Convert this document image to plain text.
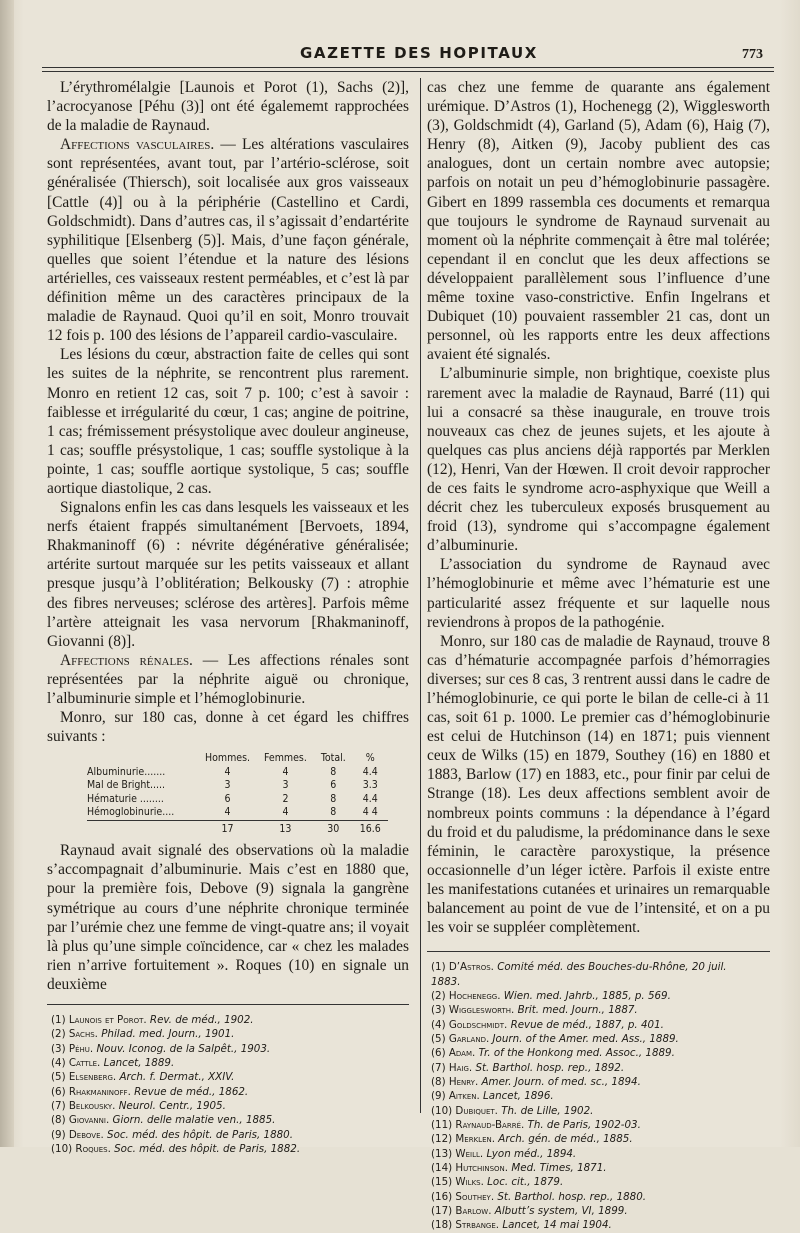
GAZETTE DES HOPITAUX	773

L’érythromélalgie [Launois et Porot (1), Sachs (2)], l’acrocyanose [Péhu (3)] ont été égalememt rapprochées de la maladie de Raynaud.

Affections vasculaires. — Les altérations vasculaires sont représentées, avant tout, par l’artério-sclérose, soit généralisée (Thiersch), soit localisée aux gros vaisseaux [Cattle (4)] ou à la périphérie (Castellino et Cardi, Goldschmidt). Dans d’autres cas, il s’agissait d’endartérite syphilitique [Elsenberg (5)]. Mais, d’une façon générale, quelles que soient l’étendue et la nature des lésions artérielles, ces vaisseaux restent perméables, et c’est là par définition même un des caractères principaux de la maladie de Raynaud. Quoi qu’il en soit, Monro trouvait 12 fois p. 100 des lésions de l’appareil cardio-vasculaire.

Les lésions du cœur, abstraction faite de celles qui sont les suites de la néphrite, se rencontrent plus rarement. Monro en retient 12 cas, soit 7 p. 100; c’est à savoir : faiblesse et irrégularité du cœur, 1 cas; angine de poitrine, 1 cas; frémissement présystolique avec douleur angineuse, 1 cas; souffle présystolique, 1 cas; souffle systolique à la pointe, 1 cas; souffle aortique systolique, 5 cas; souffle aortique diastolique, 2 cas.

Signalons enfin les cas dans lesquels les vaisseaux et les nerfs étaient frappés simultanément [Bervoets, 1894, Rhakmaninoff (6) : névrite dégénérative généralisée; artérite surtout marquée sur les petits vaisseaux et allant presque jusqu’à l’oblitération; Belkousky (7) : atrophie des fibres nerveuses; sclérose des artères]. Parfois même l’artère atteignait les vasa nervorum [Rhakmaninoff, Giovanni (8)].

Affections rénales. — Les affections rénales sont représentées par la néphrite aiguë ou chronique, l’albuminurie simple et l’hémoglobinurie.

Monro, sur 180 cas, donne à cet égard les chiffres suivants :

	Hommes.	Femmes.	Total.	%
Albuminurie.......	4	4	8	4.4
Mal de Bright.....	3	3	6	3.3
Hématurie ........	6	2	8	4.4
Hémoglobinurie....	4	4	8	4 4
	17	13	30	16.6

Raynaud avait signalé des observations où la maladie s’accompagnait d’albuminurie. Mais c’est en 1880 que, pour la première fois, Debove (9) signala la gangrène symétrique au cours d’une néphrite chronique terminée par l’urémie chez une femme de vingt-quatre ans; il voyait là plus qu’une simple coïncidence, car « chez les malades rien n’arrive fortuitement ». Roques (10) en signale un deuxième

(1) Launois et Porot. Rev. de méd., 1902.
(2) Sachs. Philad. med. Journ., 1901.
(3) Péhu. Nouv. Iconog. de la Salpêt., 1903.
(4) Cattle. Lancet, 1889.
(5) Elsenberg. Arch. f. Dermat., XXIV.
(6) Rhakmaninoff. Revue de méd., 1862.
(7) Belkousky. Neurol. Centr., 1905.
(8) Giovanni. Giorn. delle malatie ven., 1885.
(9) Debove. Soc. méd. des hôpit. de Paris, 1880.
(10) Roques. Soc. méd. des hôpit. de Paris, 1882.

cas chez une femme de quarante ans également urémique. D’Astros (1), Hochenegg (2), Wigglesworth (3), Goldschmidt (4), Garland (5), Adam (6), Haig (7), Henry (8), Aitken (9), Jacoby publient des cas analogues, dont un certain nombre avec autopsie; parfois on notait un peu d’hémoglobinurie passagère. Gibert en 1899 rassembla ces documents et remarqua que toujours le syndrome de Raynaud survenait au moment où la néphrite commençait à être mal tolérée; cependant il en conclut que les deux affections se développaient parallèlement sous l’influence d’une même toxine vaso-constrictive. Enfin Ingelrans et Dubiquet (10) pouvaient rassembler 21 cas, dont un personnel, où les rapports entre les deux affections avaient été signalés.

L’albuminurie simple, non brightique, coexiste plus rarement avec la maladie de Raynaud, Barré (11) qui lui a consacré sa thèse inaugurale, en trouve trois nouveaux cas chez de jeunes sujets, et les ajoute à quelques cas plus anciens déjà rapportés par Merklen (12), Henri, Van der Hœwen. Il croit devoir rapprocher de ces faits le syndrome acro-asphyxique que Weill a décrit chez les tuberculeux exposés brusquement au froid (13), syndrome qui s’accompagne également d’albuminurie.

L’association du syndrome de Raynaud avec l’hémoglobinurie et même avec l’hématurie est une particularité assez fréquente et sur laquelle nous reviendrons à propos de la pathogénie.

Monro, sur 180 cas de maladie de Raynaud, trouve 8 cas d’hématurie accompagnée parfois d’hémorragies diverses; sur ces 8 cas, 3 rentrent aussi dans le cadre de l’hémoglobinurie, ce qui porte le bilan de celle-ci à 11 cas, soit 61 p. 1000. Le premier cas d’hémoglobinurie est celui de Hutchinson (14) en 1871; puis viennent ceux de Wilks (15) en 1879, Southey (16) en 1880 et 1883, Barlow (17) en 1883, etc., pour finir par celui de Strange (18). Les deux affections semblent avoir de nombreux points communs : la dépendance à l’égard du froid et du paludisme, la prédominance dans le sexe féminin, le caractère paroxystique, la présence occasionnelle d’un léger ictère. Parfois il existe entre les manifestations cutanées et urinaires un remarquable balancement au point de vue de l’intensité, et on a pu les voir se suppléer complètement.

(1) D’Astros. Comité méd. des Bouches-du-Rhône, 20 juil.
1883.
(2) Hochenegg. Wien. med. Jahrb., 1885, p. 569.
(3) Wigglesworth. Brit. med. Journ., 1887.
(4) Goldschmidt. Revue de méd., 1887, p. 401.
(5) Garland. Journ. of the Amer. med. Ass., 1889.
(6) Adam. Tr. of the Honkong med. Assoc., 1889.
(7) Haig. St. Barthol. hosp. rep., 1892.
(8) Henry. Amer. Journ. of med. sc., 1894.
(9) Aitken. Lancet, 1896.
(10) Dubiquet. Th. de Lille, 1902.
(11) Raynaud-Barré. Th. de Paris, 1902-03.
(12) Merklen. Arch. gén. de méd., 1885.
(13) Weill. Lyon méd., 1894.
(14) Hutchinson. Med. Times, 1871.
(15) Wilks. Loc. cit., 1879.
(16) Southey. St. Barthol. hosp. rep., 1880.
(17) Barlow. Albutt’s system, VI, 1899.
(18) Strbange. Lancet, 14 mai 1904.
